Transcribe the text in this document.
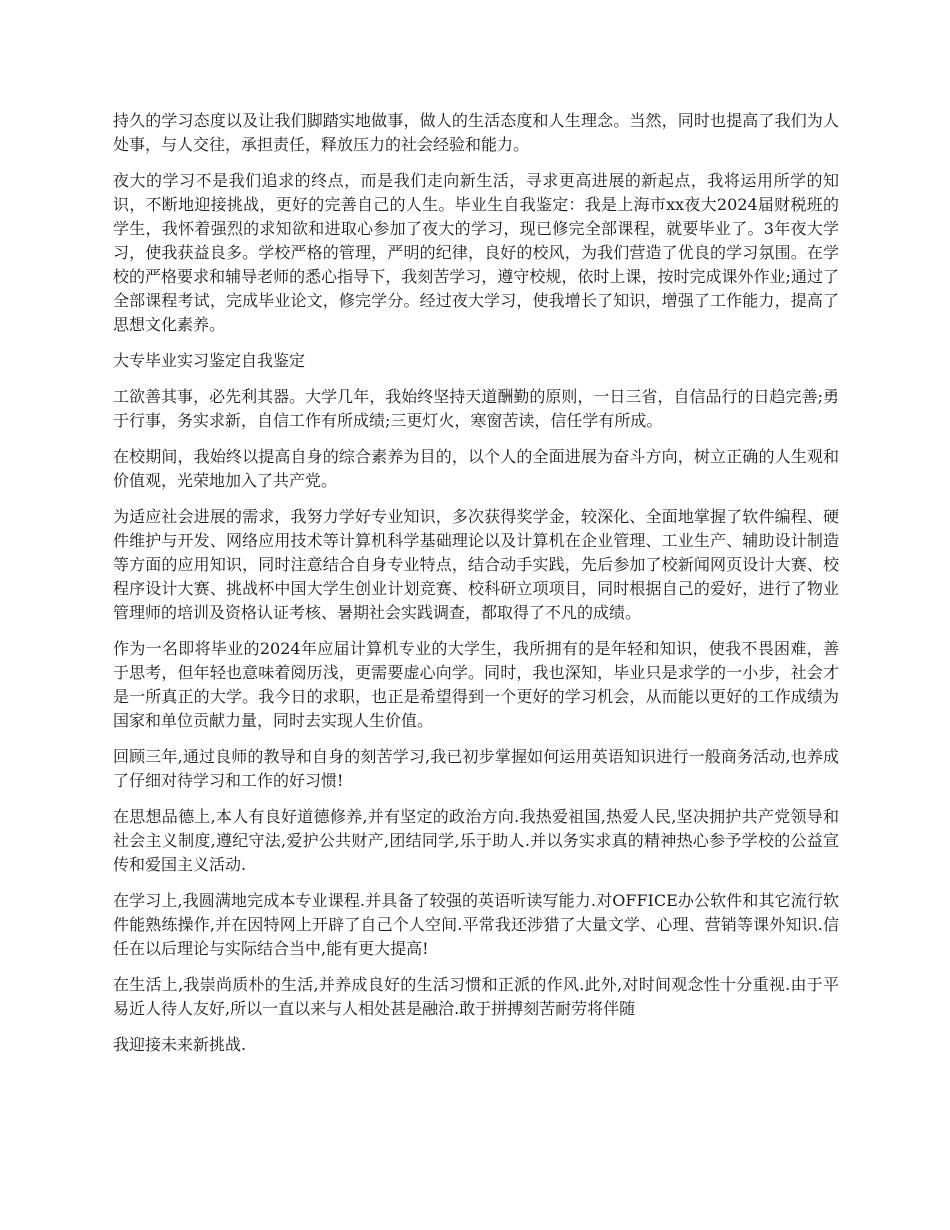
持久的学习态度以及让我们脚踏实地做事，做人的生活态度和人生理念。当然，同时也提高了我们为人处事，与人交往，承担责任，释放压力的社会经验和能力。

夜大的学习不是我们追求的终点，而是我们走向新生活，寻求更高进展的新起点，我将运用所学的知识，不断地迎接挑战，更好的完善自己的人生。毕业生自我鉴定：我是上海市xx夜大2024届财税班的学生，我怀着强烈的求知欲和进取心参加了夜大的学习，现已修完全部课程，就要毕业了。3年夜大学习，使我获益良多。学校严格的管理，严明的纪律，良好的校风，为我们营造了优良的学习氛围。在学校的严格要求和辅导老师的悉心指导下，我刻苦学习，遵守校规，依时上课，按时完成课外作业;通过了全部课程考试，完成毕业论文，修完学分。经过夜大学习，使我增长了知识，增强了工作能力，提高了思想文化素养。

大专毕业实习鉴定自我鉴定

工欲善其事，必先利其器。大学几年，我始终坚持天道酬勤的原则，一日三省，自信品行的日趋完善;勇于行事，务实求新，自信工作有所成绩;三更灯火，寒窗苦读，信任学有所成。

在校期间，我始终以提高自身的综合素养为目的，以个人的全面进展为奋斗方向，树立正确的人生观和价值观，光荣地加入了共产党。

为适应社会进展的需求，我努力学好专业知识，多次获得奖学金，较深化、全面地掌握了软件编程、硬件维护与开发、网络应用技术等计算机科学基础理论以及计算机在企业管理、工业生产、辅助设计制造等方面的应用知识，同时注意结合自身专业特点，结合动手实践，先后参加了校新闻网页设计大赛、校程序设计大赛、挑战杯中国大学生创业计划竞赛、校科研立项项目，同时根据自己的爱好，进行了物业管理师的培训及资格认证考核、暑期社会实践调查，都取得了不凡的成绩。

作为一名即将毕业的2024年应届计算机专业的大学生，我所拥有的是年轻和知识，使我不畏困难，善于思考，但年轻也意味着阅历浅，更需要虚心向学。同时，我也深知，毕业只是求学的一小步，社会才是一所真正的大学。我今日的求职，也正是希望得到一个更好的学习机会，从而能以更好的工作成绩为国家和单位贡献力量，同时去实现人生价值。

回顾三年,通过良师的教导和自身的刻苦学习,我已初步掌握如何运用英语知识进行一般商务活动,也养成了仔细对待学习和工作的好习惯!

在思想品德上,本人有良好道德修养,并有坚定的政治方向.我热爱祖国,热爱人民,坚决拥护共产党领导和社会主义制度,遵纪守法,爱护公共财产,团结同学,乐于助人.并以务实求真的精神热心参予学校的公益宣传和爱国主义活动.

在学习上,我圆满地完成本专业课程.并具备了较强的英语听读写能力.对OFFICE办公软件和其它流行软件能熟练操作,并在因特网上开辟了自己个人空间.平常我还涉猎了大量文学、心理、营销等课外知识.信任在以后理论与实际结合当中,能有更大提高!

在生活上,我崇尚质朴的生活,并养成良好的生活习惯和正派的作风.此外,对时间观念性十分重视.由于平易近人待人友好,所以一直以来与人相处甚是融洽.敢于拼搏刻苦耐劳将伴随

我迎接未来新挑战.
